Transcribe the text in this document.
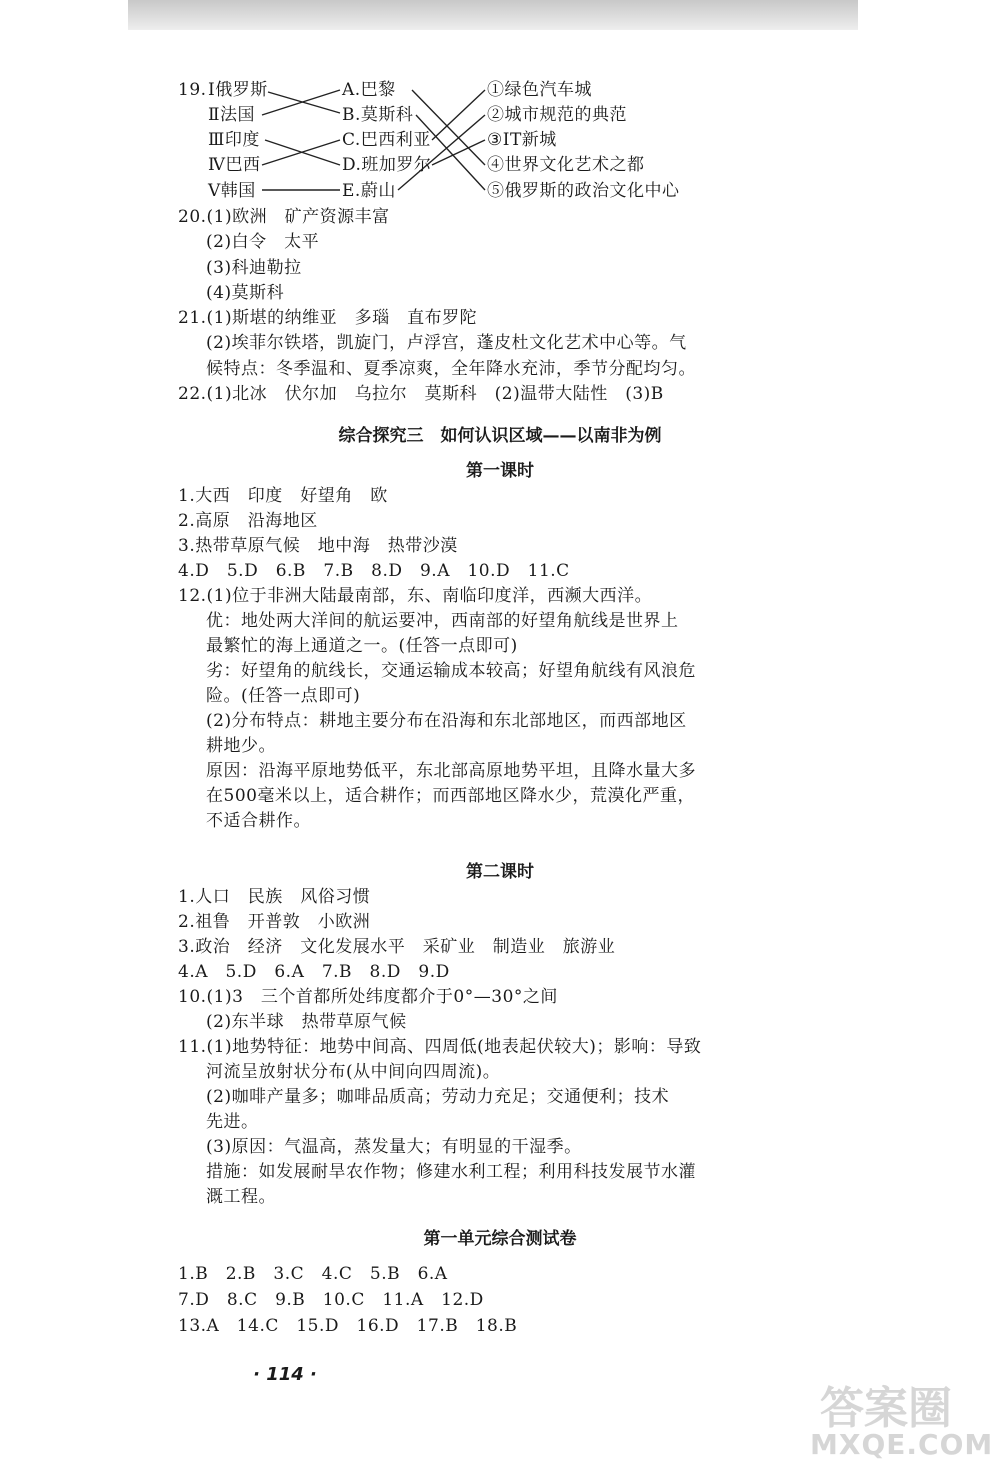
19. Ⅰ俄罗斯
Ⅱ法国
Ⅲ印度
Ⅳ巴西
Ⅴ韩国
A.巴黎
B.莫斯科
C.巴西利亚
D.班加罗尔
E.蔚山
①绿色汽车城
②城市规范的典范
③IT新城
④世界文化艺术之都
⑤俄罗斯的政治文化中心
20.(1)欧洲　矿产资源丰富
(2)白令　太平
(3)科迪勒拉
(4)莫斯科
21.(1)斯堪的纳维亚　多瑙　直布罗陀
(2)埃菲尔铁塔，凯旋门，卢浮宫，蓬皮杜文化艺术中心等。气
候特点：冬季温和、夏季凉爽，全年降水充沛，季节分配均匀。
22.(1)北冰　伏尔加　乌拉尔　莫斯科　(2)温带大陆性　(3)B
综合探究三　如何认识区域——以南非为例
第一课时
1.大西　印度　好望角　欧
2.高原　沿海地区
3.热带草原气候　地中海　热带沙漠
4.D　5.D　6.B　7.B　8.D　9.A　10.D　11.C
12.(1)位于非洲大陆最南部，东、南临印度洋，西濒大西洋。
优：地处两大洋间的航运要冲，西南部的好望角航线是世界上
最繁忙的海上通道之一。(任答一点即可)
劣：好望角的航线长，交通运输成本较高；好望角航线有风浪危
险。(任答一点即可)
(2)分布特点：耕地主要分布在沿海和东北部地区，而西部地区
耕地少。
原因：沿海平原地势低平，东北部高原地势平坦，且降水量大多
在500毫米以上，适合耕作；而西部地区降水少，荒漠化严重，
不适合耕作。
第二课时
1.人口　民族　风俗习惯
2.祖鲁　开普敦　小欧洲
3.政治　经济　文化发展水平　采矿业　制造业　旅游业
4.A　5.D　6.A　7.B　8.D　9.D
10.(1)3　三个首都所处纬度都介于0°—30°之间
(2)东半球　热带草原气候
11.(1)地势特征：地势中间高、四周低(地表起伏较大)；影响：导致
河流呈放射状分布(从中间向四周流)。
(2)咖啡产量多；咖啡品质高；劳动力充足；交通便利；技术
先进。
(3)原因：气温高，蒸发量大；有明显的干湿季。
措施：如发展耐旱农作物；修建水利工程；利用科技发展节水灌
溉工程。
第一单元综合测试卷
1.B　2.B　3.C　4.C　5.B　6.A
7.D　8.C　9.B　10.C　11.A　12.D
13.A　14.C　15.D　16.D　17.B　18.B
· 114 ·
答案圈
MXQE.COM
